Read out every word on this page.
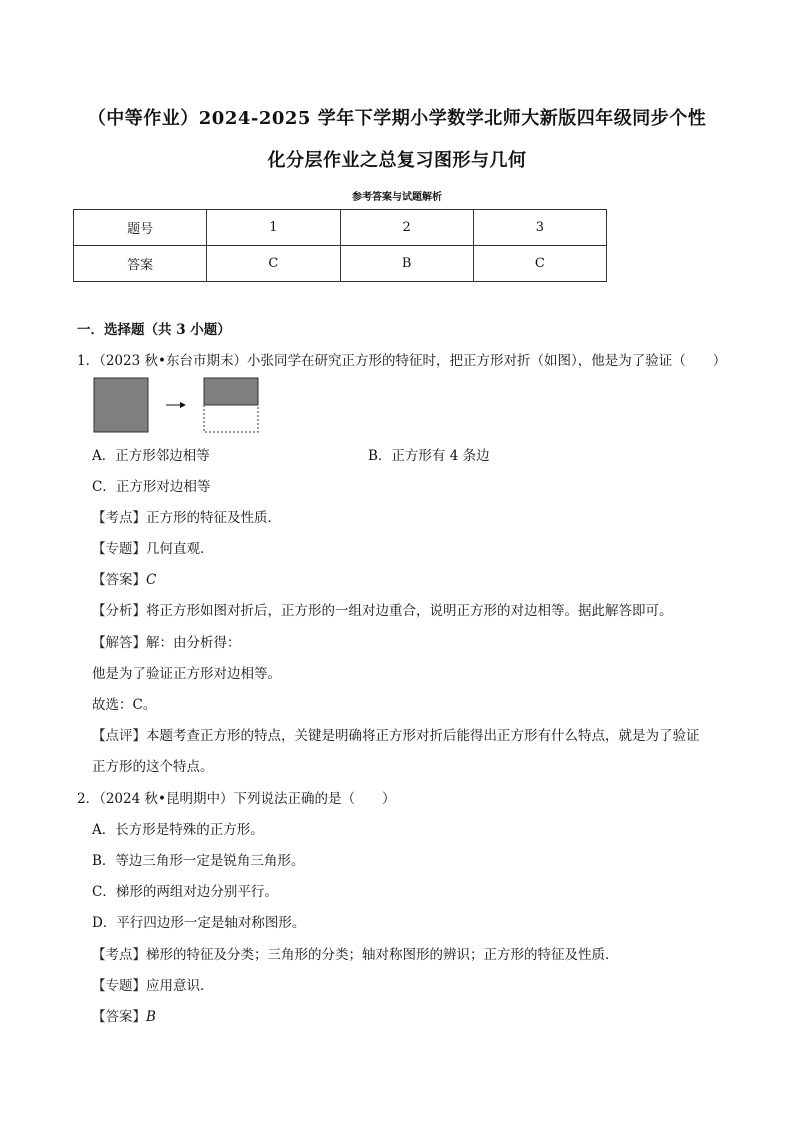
（中等作业）2024-2025 学年下学期小学数学北师大新版四年级同步个性
化分层作业之总复习图形与几何
参考答案与试题解析
题号	1	2	3
答案	C	B	C
一．选择题（共 3 小题）
1．（2023 秋•东台市期末）小张同学在研究正方形的特征时，把正方形对折（如图），他是为了验证（　　）
A．正方形邻边相等	B．正方形有 4 条边
C．正方形对边相等
【考点】正方形的特征及性质．
【专题】几何直观．
【答案】C
【分析】将正方形如图对折后，正方形的一组对边重合，说明正方形的对边相等。据此解答即可。
【解答】解：由分析得：
他是为了验证正方形对边相等。
故选：C。
【点评】本题考查正方形的特点，关键是明确将正方形对折后能得出正方形有什么特点，就是为了验证
正方形的这个特点。
2．（2024 秋•昆明期中）下列说法正确的是（　　）
A．长方形是特殊的正方形。
B．等边三角形一定是锐角三角形。
C．梯形的两组对边分别平行。
D．平行四边形一定是轴对称图形。
【考点】梯形的特征及分类；三角形的分类；轴对称图形的辨识；正方形的特征及性质．
【专题】应用意识．
【答案】B
